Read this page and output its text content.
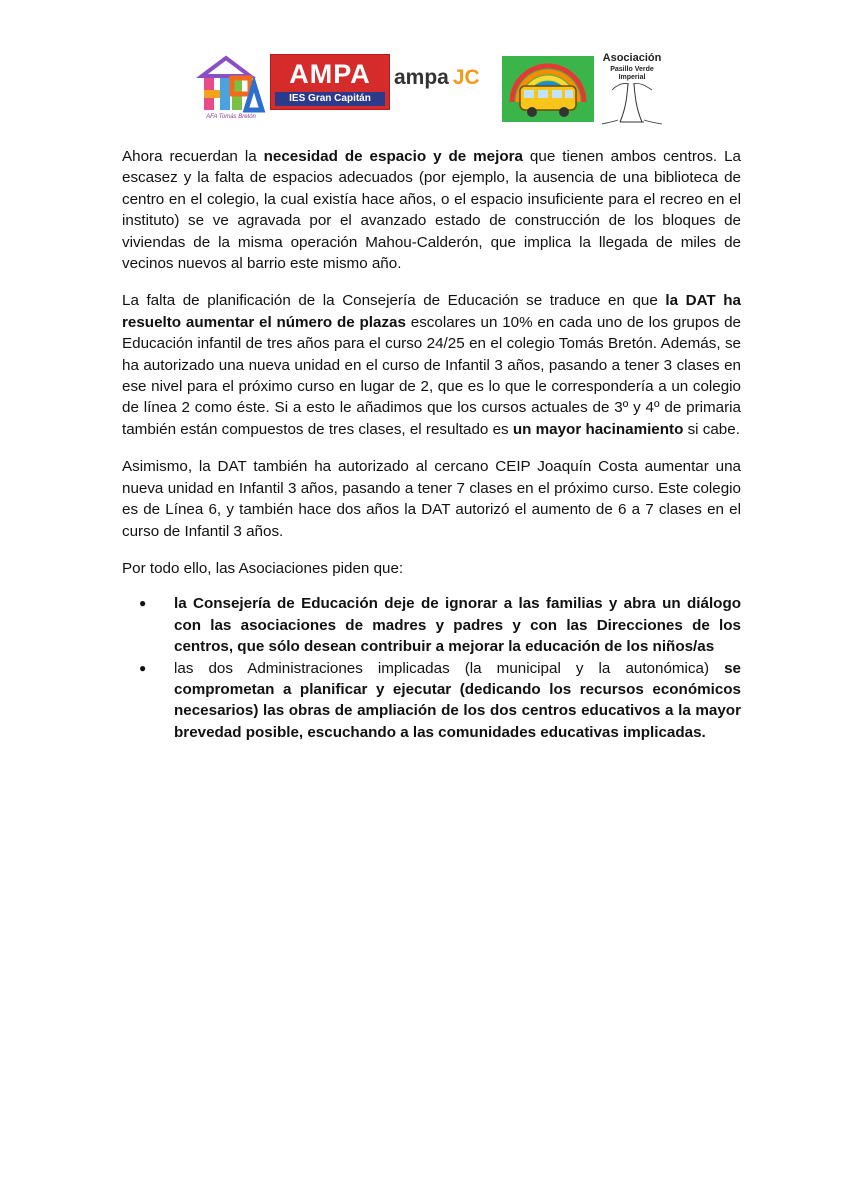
AFA Tomás Bretón
AMPA
IES Gran Capitán
ampa JC
Asociación
Pasillo Verde
Imperial

Ahora recuerdan la necesidad de espacio y de mejora que tienen ambos centros. La escasez y la falta de espacios adecuados (por ejemplo, la ausencia de una biblioteca de centro en el colegio, la cual existía hace años, o el espacio insuficiente para el recreo en el instituto) se ve agravada por el avanzado estado de construcción de los bloques de viviendas de la misma operación Mahou-Calderón, que implica la llegada de miles de vecinos nuevos al barrio este mismo año.

La falta de planificación de la Consejería de Educación se traduce en que la DAT ha resuelto aumentar el número de plazas escolares un 10% en cada uno de los grupos de Educación infantil de tres años para el curso 24/25 en el colegio Tomás Bretón. Además, se ha autorizado una nueva unidad en el curso de Infantil 3 años, pasando a tener 3 clases en ese nivel para el próximo curso en lugar de 2, que es lo que le correspondería a un colegio de línea 2 como éste. Si a esto le añadimos que los cursos actuales de 3º y 4º de primaria también están compuestos de tres clases, el resultado es un mayor hacinamiento si cabe.

Asimismo, la DAT también ha autorizado al cercano CEIP Joaquín Costa aumentar una nueva unidad en Infantil 3 años, pasando a tener 7 clases en el próximo curso. Este colegio es de Línea 6, y también hace dos años la DAT autorizó el aumento de 6 a 7 clases en el curso de Infantil 3 años.

Por todo ello, las Asociaciones piden que:

● la Consejería de Educación deje de ignorar a las familias y abra un diálogo con las asociaciones de madres y padres y con las Direcciones de los centros, que sólo desean contribuir a mejorar la educación de los niños/as
● las dos Administraciones implicadas (la municipal y la autonómica) se comprometan a planificar y ejecutar (dedicando los recursos económicos necesarios) las obras de ampliación de los dos centros educativos a la mayor brevedad posible, escuchando a las comunidades educativas implicadas.
